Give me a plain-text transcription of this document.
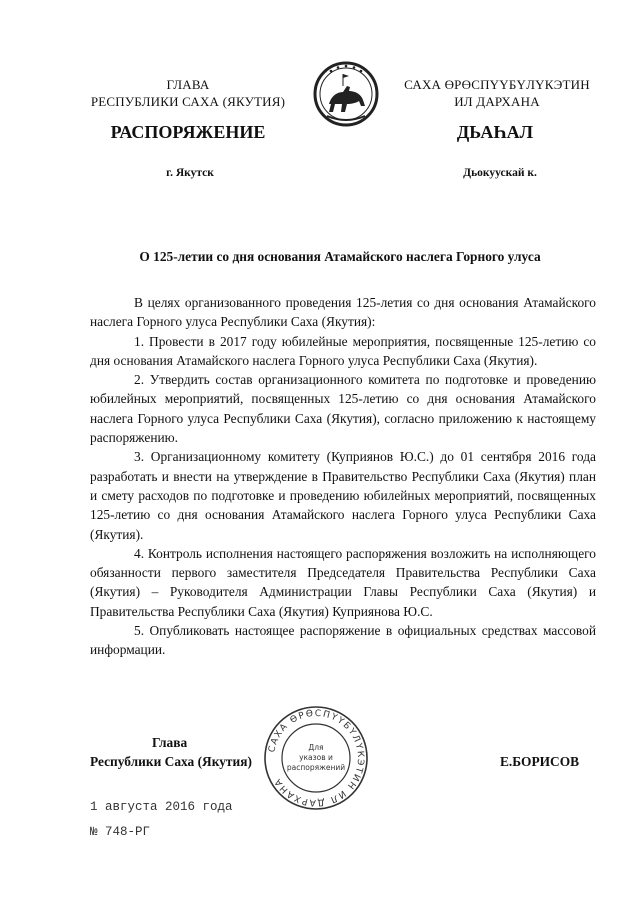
ГЛАВА
РЕСПУБЛИКИ САХА (ЯКУТИЯ)
САХА ӨРӨСПҮҮБҮЛҮКЭТИН
ИЛ ДАРХАНА
РАСПОРЯЖЕНИЕ	ДЬАҺАЛ
г. Якутск	Дьокуускай к.
О 125-летии со дня основания Атамайского наслега Горного улуса

В целях организованного проведения 125-летия со дня основания Атамайского наслега Горного улуса Республики Саха (Якутия):

1. Провести в 2017 году юбилейные мероприятия, посвященные 125-летию со дня основания Атамайского наслега Горного улуса Республики Саха (Якутия).

2. Утвердить состав организационного комитета по подготовке и проведению юбилейных мероприятий, посвященных 125-летию со дня основания Атамайского наслега Горного улуса Республики Саха (Якутия), согласно приложению к настоящему распоряжению.

3. Организационному комитету (Куприянов Ю.С.) до 01 сентября 2016 года разработать и внести на утверждение в Правительство Республики Саха (Якутия) план и смету расходов по подготовке и проведению юбилейных мероприятий, посвященных 125-летию со дня основания Атамайского наслега Горного улуса Республики Саха (Якутия).

4. Контроль исполнения настоящего распоряжения возложить на исполняющего обязанности первого заместителя Председателя Правительства Республики Саха (Якутия) – Руководителя Администрации Главы Республики Саха (Якутия) и Правительства Республики Саха (Якутия) Куприянова Ю.С.

5. Опубликовать настоящее распоряжение в официальных средствах массовой информации.

САХА ӨРӨСПҮҮБҮЛҮКЭТИН ИЛ ДАРХАНА
Для
указов и
распоряжений
Глава
Республики Саха (Якутия)	Е.БОРИСОВ
1 августа 2016 года
№ 748-РГ
